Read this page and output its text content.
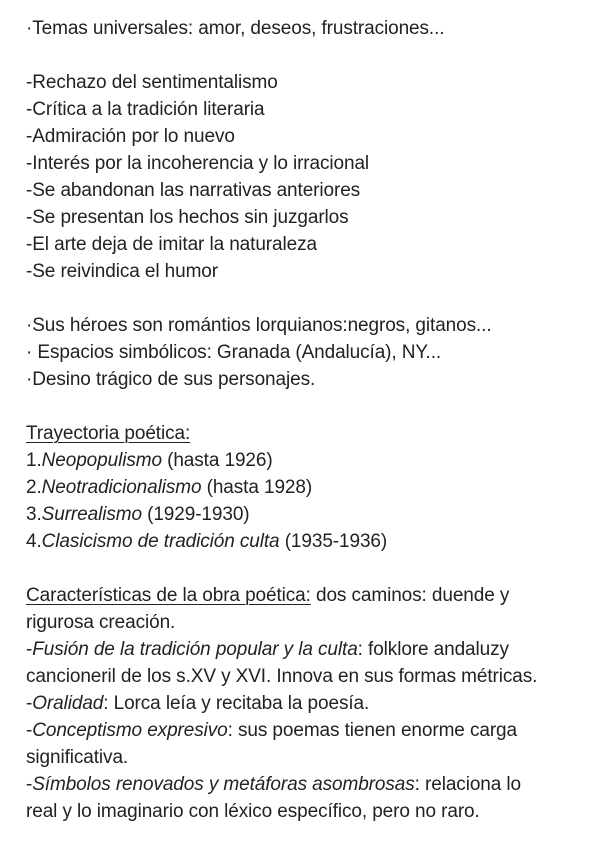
·Temas universales: amor, deseos, frustraciones...
-Rechazo del sentimentalismo
-Crítica a la tradición literaria
-Admiración por lo nuevo
-Interés por la incoherencia y lo irracional
-Se abandonan las narrativas anteriores
-Se presentan los hechos sin juzgarlos
-El arte deja de imitar la naturaleza
-Se reivindica el humor
·Sus héroes son romántios lorquianos:negros, gitanos...
· Espacios simbólicos: Granada (Andalucía), NY...
·Desino trágico de sus personajes.
Trayectoria poética:
1.Neopopulismo (hasta 1926)
2.Neotradicionalismo (hasta 1928)
3.Surrealismo (1929-1930)
4.Clasicismo de tradición culta (1935-1936)
Características de la obra poética: dos caminos: duende y
rigurosa creación.
-Fusión de la tradición popular y la culta: folklore andaluzy
cancioneril de los s.XV y XVI. Innova en sus formas métricas.
-Oralidad: Lorca leía y recitaba la poesía.
-Conceptismo expresivo: sus poemas tienen enorme carga
significativa.
-Símbolos renovados y metáforas asombrosas: relaciona lo
real y lo imaginario con léxico específico, pero no raro.
